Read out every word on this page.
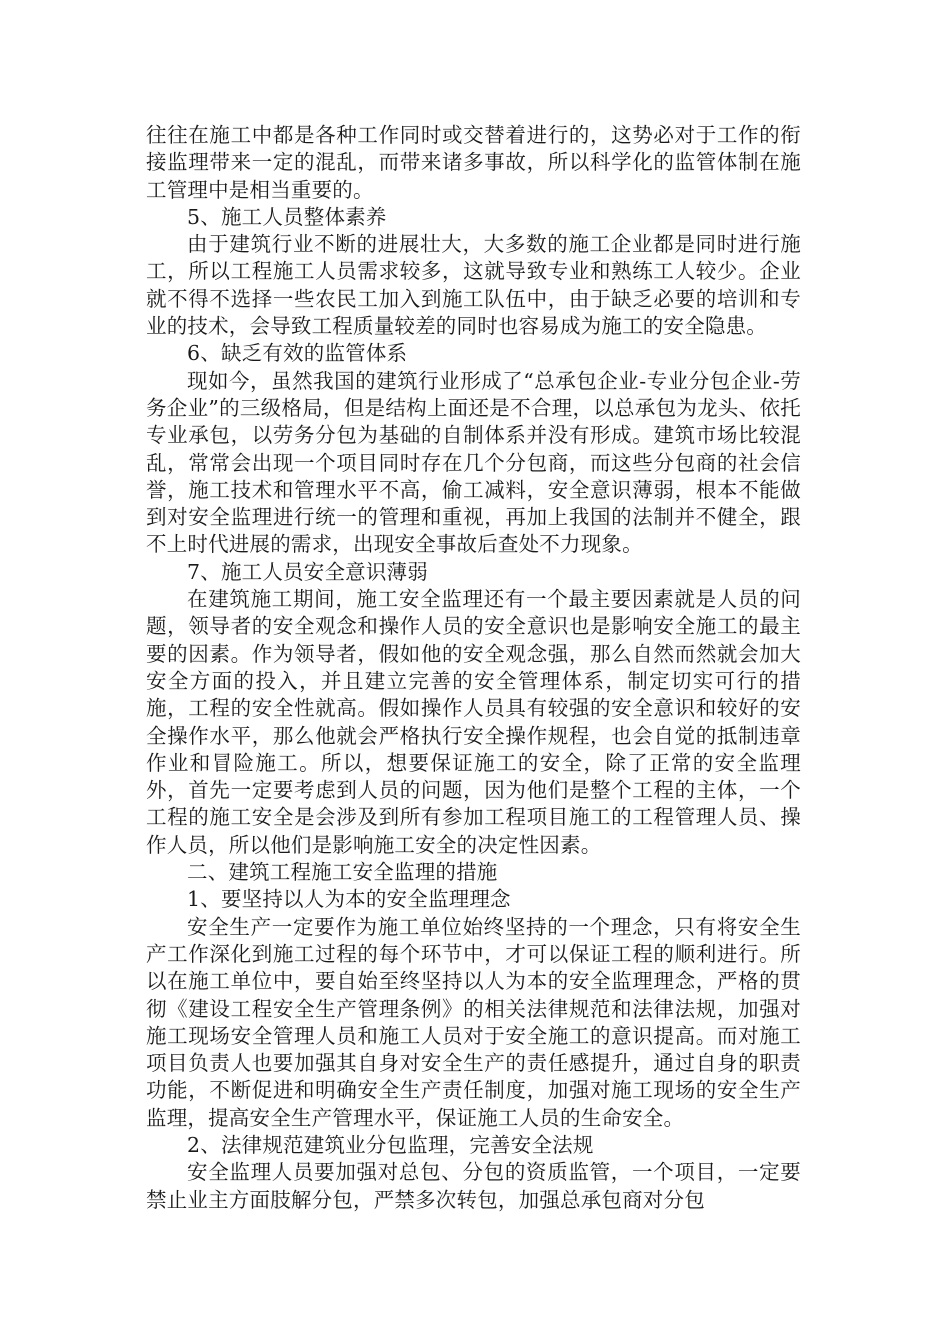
往往在施工中都是各种工作同时或交替着进行的，这势必对于工作的衔接监理带来一定的混乱，而带来诸多事故，所以科学化的监管体制在施工管理中是相当重要的。

5、施工人员整体素养

由于建筑行业不断的进展壮大，大多数的施工企业都是同时进行施工，所以工程施工人员需求较多，这就导致专业和熟练工人较少。企业就不得不选择一些农民工加入到施工队伍中，由于缺乏必要的培训和专业的技术，会导致工程质量较差的同时也容易成为施工的安全隐患。

6、缺乏有效的监管体系

现如今，虽然我国的建筑行业形成了“总承包企业-专业分包企业-劳务企业”的三级格局，但是结构上面还是不合理，以总承包为龙头、依托专业承包，以劳务分包为基础的自制体系并没有形成。建筑市场比较混乱，常常会出现一个项目同时存在几个分包商，而这些分包商的社会信誉，施工技术和管理水平不高，偷工减料，安全意识薄弱，根本不能做到对安全监理进行统一的管理和重视，再加上我国的法制并不健全，跟不上时代进展的需求，出现安全事故后查处不力现象。

7、施工人员安全意识薄弱

在建筑施工期间，施工安全监理还有一个最主要因素就是人员的问题，领导者的安全观念和操作人员的安全意识也是影响安全施工的最主要的因素。作为领导者，假如他的安全观念强，那么自然而然就会加大安全方面的投入，并且建立完善的安全管理体系，制定切实可行的措施，工程的安全性就高。假如操作人员具有较强的安全意识和较好的安全操作水平，那么他就会严格执行安全操作规程，也会自觉的抵制违章作业和冒险施工。所以，想要保证施工的安全，除了正常的安全监理外，首先一定要考虑到人员的问题，因为他们是整个工程的主体，一个工程的施工安全是会涉及到所有参加工程项目施工的工程管理人员、操作人员，所以他们是影响施工安全的决定性因素。

二、建筑工程施工安全监理的措施

1、要坚持以人为本的安全监理理念

安全生产一定要作为施工单位始终坚持的一个理念，只有将安全生产工作深化到施工过程的每个环节中，才可以保证工程的顺利进行。所以在施工单位中，要自始至终坚持以人为本的安全监理理念，严格的贯彻《建设工程安全生产管理条例》的相关法律规范和法律法规，加强对施工现场安全管理人员和施工人员对于安全施工的意识提高。而对施工项目负责人也要加强其自身对安全生产的责任感提升，通过自身的职责功能，不断促进和明确安全生产责任制度，加强对施工现场的安全生产监理，提高安全生产管理水平，保证施工人员的生命安全。

2、法律规范建筑业分包监理，完善安全法规

安全监理人员要加强对总包、分包的资质监管，一个项目，一定要禁止业主方面肢解分包，严禁多次转包，加强总承包商对分包
